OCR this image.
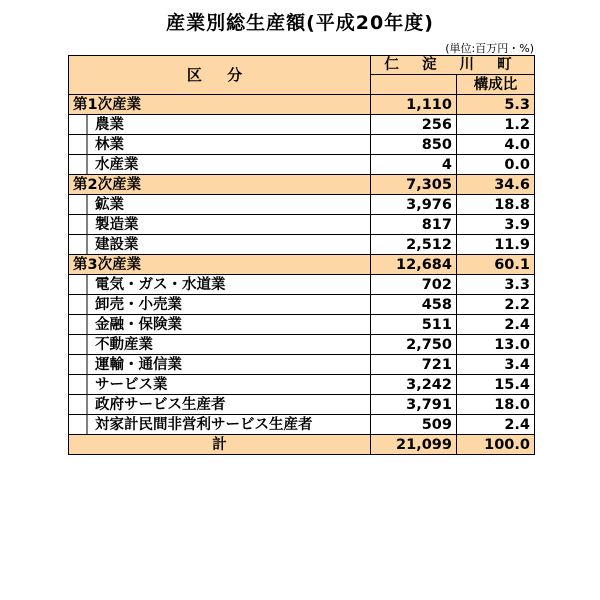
産業別総生産額(平成20年度)
(単位:百万円・%)
区 分	仁 淀 川 町	
		構成比
第1次産業	1,110	5.3

農業	256	1.2

林業	850	4.0

水産業	4	0.0
第2次産業	7,305	34.6

鉱業	3,976	18.8

製造業	817	3.9

建設業	2,512	11.9
第3次産業	12,684	60.1

電気・ガス・水道業	702	3.3

卸売・小売業	458	2.2

金融・保険業	511	2.4

不動産業	2,750	13.0

運輸・通信業	721	3.4

サービス業	3,242	15.4

政府サービス生産者	3,791	18.0

対家計民間非営利サービス生産者	509	2.4
計	21,099	100.0
